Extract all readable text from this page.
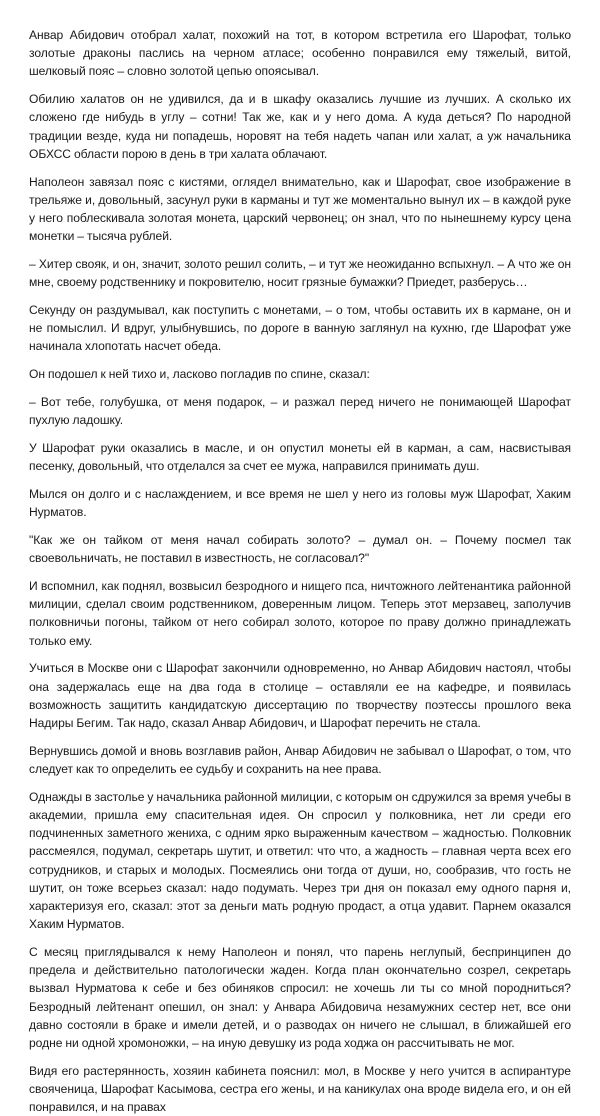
Анвар Абидович отобрал халат, похожий на тот, в котором встретила его Шарофат, только золотые драконы паслись на черном атласе; особенно понравился ему тяжелый, витой, шелковый пояс – словно золотой цепью опоясывал.

Обилию халатов он не удивился, да и в шкафу оказались лучшие из лучших. А сколько их сложено где нибудь в углу – сотни! Так же, как и у него дома. А куда деться? По народной традиции везде, куда ни попадешь, норовят на тебя надеть чапан или халат, а уж начальника ОБХСС области порою в день в три халата облачают.

Наполеон завязал пояс с кистями, оглядел внимательно, как и Шарофат, свое изображение в трельяже и, довольный, засунул руки в карманы и тут же моментально вынул их – в каждой руке у него поблескивала золотая монета, царский червонец; он знал, что по нынешнему курсу цена монетки – тысяча рублей.

– Хитер свояк, и он, значит, золото решил солить, – и тут же неожиданно вспыхнул. – А что же он мне, своему родственнику и покровителю, носит грязные бумажки? Приедет, разберусь…

Секунду он раздумывал, как поступить с монетами, – о том, чтобы оставить их в кармане, он и не помыслил. И вдруг, улыбнувшись, по дороге в ванную заглянул на кухню, где Шарофат уже начинала хлопотать насчет обеда.

Он подошел к ней тихо и, ласково погладив по спине, сказал:

– Вот тебе, голубушка, от меня подарок, – и разжал перед ничего не понимающей Шарофат пухлую ладошку.

У Шарофат руки оказались в масле, и он опустил монеты ей в карман, а сам, насвистывая песенку, довольный, что отделался за счет ее мужа, направился принимать душ.

Мылся он долго и с наслаждением, и все время не шел у него из головы муж Шарофат, Хаким Нурматов.

"Как же он тайком от меня начал собирать золото? – думал он. – Почему посмел так своевольничать, не поставил в известность, не согласовал?"

И вспомнил, как поднял, возвысил безродного и нищего пса, ничтожного лейтенантика районной милиции, сделал своим родственником, доверенным лицом. Теперь этот мерзавец, заполучив полковничьи погоны, тайком от него собирал золото, которое по праву должно принадлежать только ему.

Учиться в Москве они с Шарофат закончили одновременно, но Анвар Абидович настоял, чтобы она задержалась еще на два года в столице – оставляли ее на кафедре, и появилась возможность защитить кандидатскую диссертацию по творчеству поэтессы прошлого века Надиры Бегим. Так надо, сказал Анвар Абидович, и Шарофат перечить не стала.

Вернувшись домой и вновь возглавив район, Анвар Абидович не забывал о Шарофат, о том, что следует как то определить ее судьбу и сохранить на нее права.

Однажды в застолье у начальника районной милиции, с которым он сдружился за время учебы в академии, пришла ему спасительная идея. Он спросил у полковника, нет ли среди его подчиненных заметного жениха, с одним ярко выраженным качеством – жадностью. Полковник рассмеялся, подумал, секретарь шутит, и ответил: что что, а жадность – главная черта всех его сотрудников, и старых и молодых. Посмеялись они тогда от души, но, сообразив, что гость не шутит, он тоже всерьез сказал: надо подумать. Через три дня он показал ему одного парня и, характеризуя его, сказал: этот за деньги мать родную продаст, а отца удавит. Парнем оказался Хаким Нурматов.

С месяц приглядывался к нему Наполеон и понял, что парень неглупый, беспринципен до предела и действительно патологически жаден. Когда план окончательно созрел, секретарь вызвал Нурматова к себе и без обиняков спросил: не хочешь ли ты со мной породниться? Безродный лейтенант опешил, он знал: у Анвара Абидовича незамужних сестер нет, все они давно состояли в браке и имели детей, и о разводах он ничего не слышал, в ближайшей его родне ни одной хромоножки, – на иную девушку из рода ходжа он рассчитывать не мог.

Видя его растерянность, хозяин кабинета пояснил: мол, в Москве у него учится в аспирантуре свояченица, Шарофат Касымова, сестра его жены, и на каникулах она вроде видела его, и он ей понравился, и на правах
